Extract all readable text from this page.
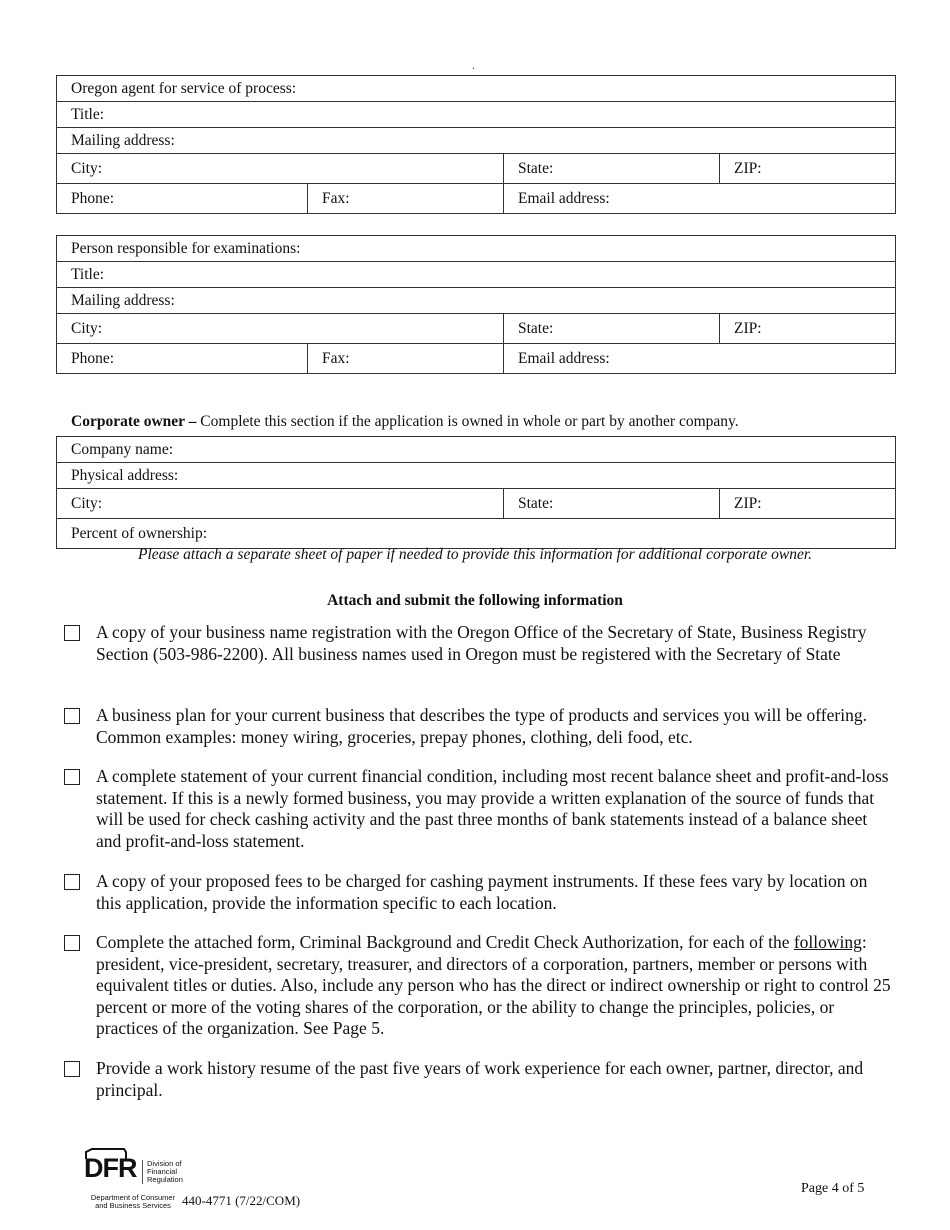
.
Oregon agent for service of process:			
Title:			
Mailing address:			
City:		State:	ZIP:
Phone:	Fax:	Email address:	
Person responsible for examinations:			
Title:			
Mailing address:			
City:		State:	ZIP:
Phone:	Fax:	Email address:	
Corporate owner – Complete this section if the application is owned in whole or part by another company.
Company name:
Physical address:
City:	State:	ZIP:
Percent of ownership:
Please attach a separate sheet of paper if needed to provide this information for additional corporate owner.
Attach and submit the following information
A copy of your business name registration with the Oregon Office of the Secretary of State, Business Registry Section (503-986-2200). All business names used in Oregon must be registered with the Secretary of State
A business plan for your current business that describes the type of products and services you will be offering. Common examples: money wiring, groceries, prepay phones, clothing, deli food, etc.
A complete statement of your current financial condition, including most recent balance sheet and profit-and-loss statement. If this is a newly formed business, you may provide a written explanation of the source of funds that will be used for check cashing activity and the past three months of bank statements instead of a balance sheet and profit-and-loss statement.
A copy of your proposed fees to be charged for cashing payment instruments. If these fees vary by location on this application, provide the information specific to each location.
Complete the attached form, Criminal Background and Credit Check Authorization, for each of the following: president, vice-president, secretary, treasurer, and directors of a corporation, partners, member or persons with equivalent titles or duties. Also, include any person who has the direct or indirect ownership or right to control 25 percent or more of the voting shares of the corporation, or the ability to change the principles, policies, or practices of the organization. See Page 5.
Provide a work history resume of the past five years of work experience for each owner, partner, director, and principal.
DFR Division of
Financial
Regulation
Department of Consumer
and Business Services 440-4771 (7/22/COM)
Page 4 of 5
